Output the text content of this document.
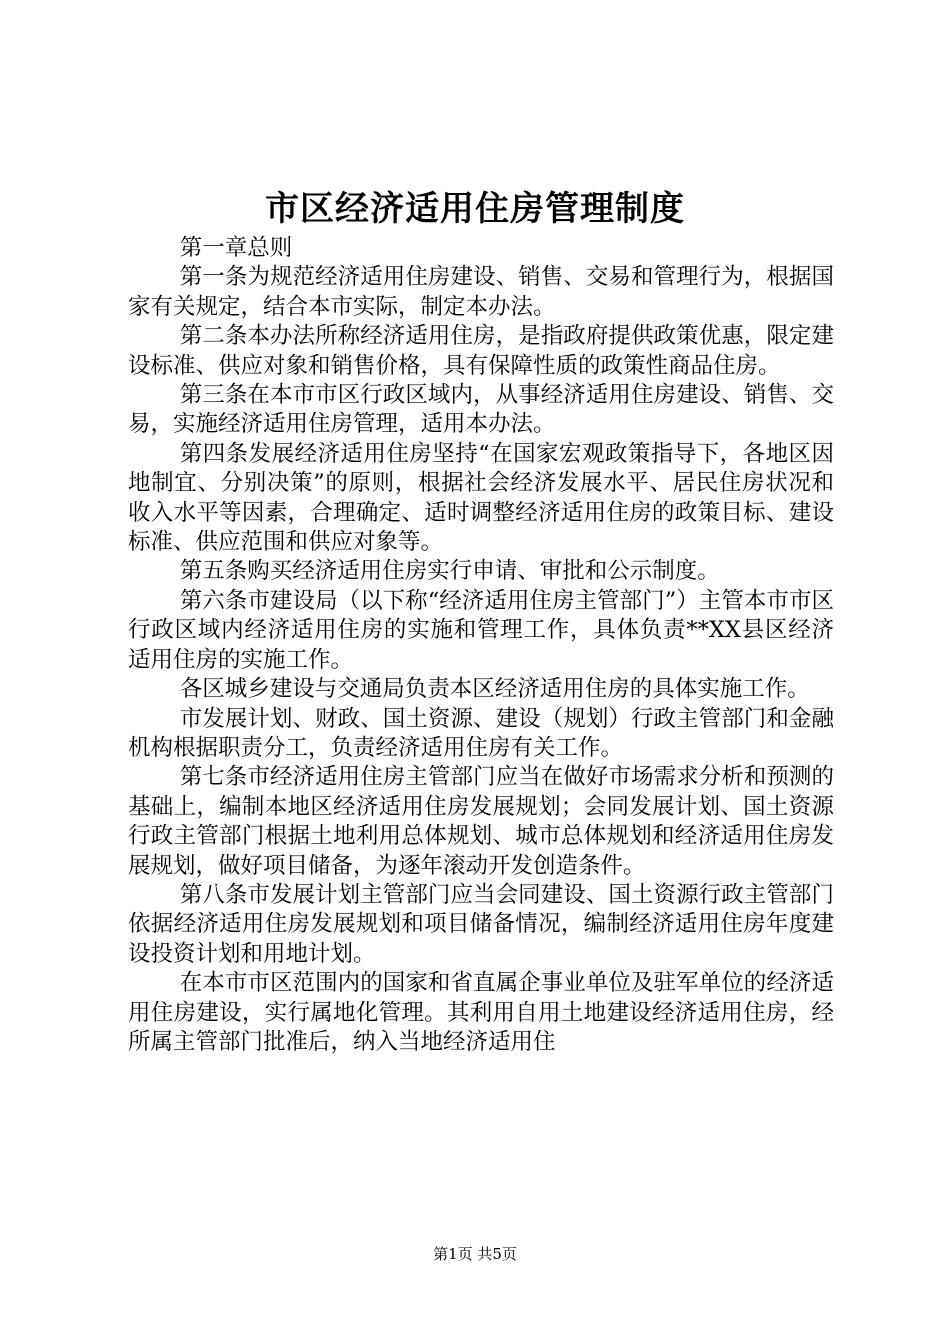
市区经济适用住房管理制度

第一章总则

第一条为规范经济适用住房建设、销售、交易和管理行为，根据国家有关规定，结合本市实际，制定本办法。

第二条本办法所称经济适用住房，是指政府提供政策优惠，限定建设标准、供应对象和销售价格，具有保障性质的政策性商品住房。

第三条在本市市区行政区域内，从事经济适用住房建设、销售、交易，实施经济适用住房管理，适用本办法。

第四条发展经济适用住房坚持“在国家宏观政策指导下，各地区因地制宜、分别决策”的原则，根据社会经济发展水平、居民住房状况和收入水平等因素，合理确定、适时调整经济适用住房的政策目标、建设标准、供应范围和供应对象等。

第五条购买经济适用住房实行申请、审批和公示制度。

第六条市建设局（以下称“经济适用住房主管部门”）主管本市市区行政区域内经济适用住房的实施和管理工作，具体负责**XX县区经济适用住房的实施工作。

各区城乡建设与交通局负责本区经济适用住房的具体实施工作。

市发展计划、财政、国土资源、建设（规划）行政主管部门和金融机构根据职责分工，负责经济适用住房有关工作。

第七条市经济适用住房主管部门应当在做好市场需求分析和预测的基础上，编制本地区经济适用住房发展规划；会同发展计划、国土资源行政主管部门根据土地利用总体规划、城市总体规划和经济适用住房发展规划，做好项目储备，为逐年滚动开发创造条件。

第八条市发展计划主管部门应当会同建设、国土资源行政主管部门依据经济适用住房发展规划和项目储备情况，编制经济适用住房年度建设投资计划和用地计划。

在本市市区范围内的国家和省直属企事业单位及驻军单位的经济适用住房建设，实行属地化管理。其利用自用土地建设经济适用住房，经所属主管部门批准后，纳入当地经济适用住

第1页 共5页
